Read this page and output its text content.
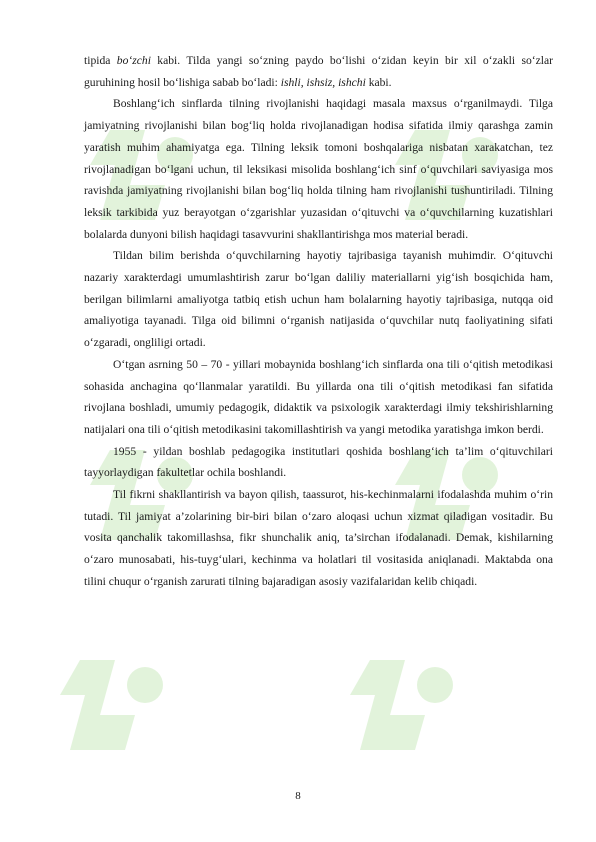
tipida bo‘zchi kabi. Tilda yangi so‘zning paydo bo‘lishi o‘zidan keyin bir xil o‘zakli so‘zlar guruhining hosil bo‘lishiga sabab bo‘ladi: ishli, ishsiz, ishchi kabi.

Boshlang‘ich sinflarda tilning rivojlanishi haqidagi masala maxsus o‘rganilmaydi. Tilga jamiyatning rivojlanishi bilan bog‘liq holda rivojlanadigan hodisa sifatida ilmiy qarashga zamin yaratish muhim ahamiyatga ega. Tilning leksik tomoni boshqalariga nisbatan xarakatchan, tez rivojlanadigan bo‘lgani uchun, til leksikasi misolida boshlang‘ich sinf o‘quvchilari saviyasiga mos ravishda jamiyatning rivojlanishi bilan bog‘liq holda tilning ham rivojlanishi tushuntiriladi. Tilning leksik tarkibida yuz berayotgan o‘zgarishlar yuzasidan o‘qituvchi va o‘quvchilarning kuzatishlari bolalarda dunyoni bilish haqidagi tasavvurini shakllantirishga mos material beradi.

Tildan bilim berishda o‘quvchilarning hayotiy tajribasiga tayanish muhimdir. O‘qituvchi nazariy xarakterdagi umumlashtirish zarur bo‘lgan daliliy materiallarni yig‘ish bosqichida ham, berilgan bilimlarni amaliyotga tatbiq etish uchun ham bolalarning hayotiy tajribasiga, nutqqa oid amaliyotiga tayanadi. Tilga oid bilimni o‘rganish natijasida o‘quvchilar nutq faoliyatining sifati o‘zgaradi, ongliligi ortadi.

O‘tgan asrning 50 – 70 - yillari mobaynida boshlang‘ich sinflarda ona tili o‘qitish metodikasi sohasida anchagina qo‘llanmalar yaratildi. Bu yillarda ona tili o‘qitish metodikasi fan sifatida rivojlana boshladi, umumiy pedagogik, didaktik va psixologik xarakterdagi ilmiy tekshirishlarning natijalari ona tili o‘qitish metodikasini takomillashtirish va yangi metodika yaratishga imkon berdi.

1955 - yildan boshlab pedagogika institutlari qoshida boshlang‘ich ta’lim o‘qituvchilari tayyorlaydigan fakultetlar ochila boshlandi.

Til fikrni shakllantirish va bayon qilish, taassurot, his-kechinmalarni ifodalashda muhim o‘rin tutadi. Til jamiyat a’zolarining bir-biri bilan o‘zaro aloqasi uchun xizmat qiladigan vositadir. Bu vosita qanchalik takomillashsa, fikr shunchalik aniq, ta’sirchan ifodalanadi. Demak, kishilarning o‘zaro munosabati, his-tuyg‘ulari, kechinma va holatlari til vositasida aniqlanadi. Maktabda ona tilini chuqur o‘rganish zarurati tilning bajaradigan asosiy vazifalaridan kelib chiqadi.

8
